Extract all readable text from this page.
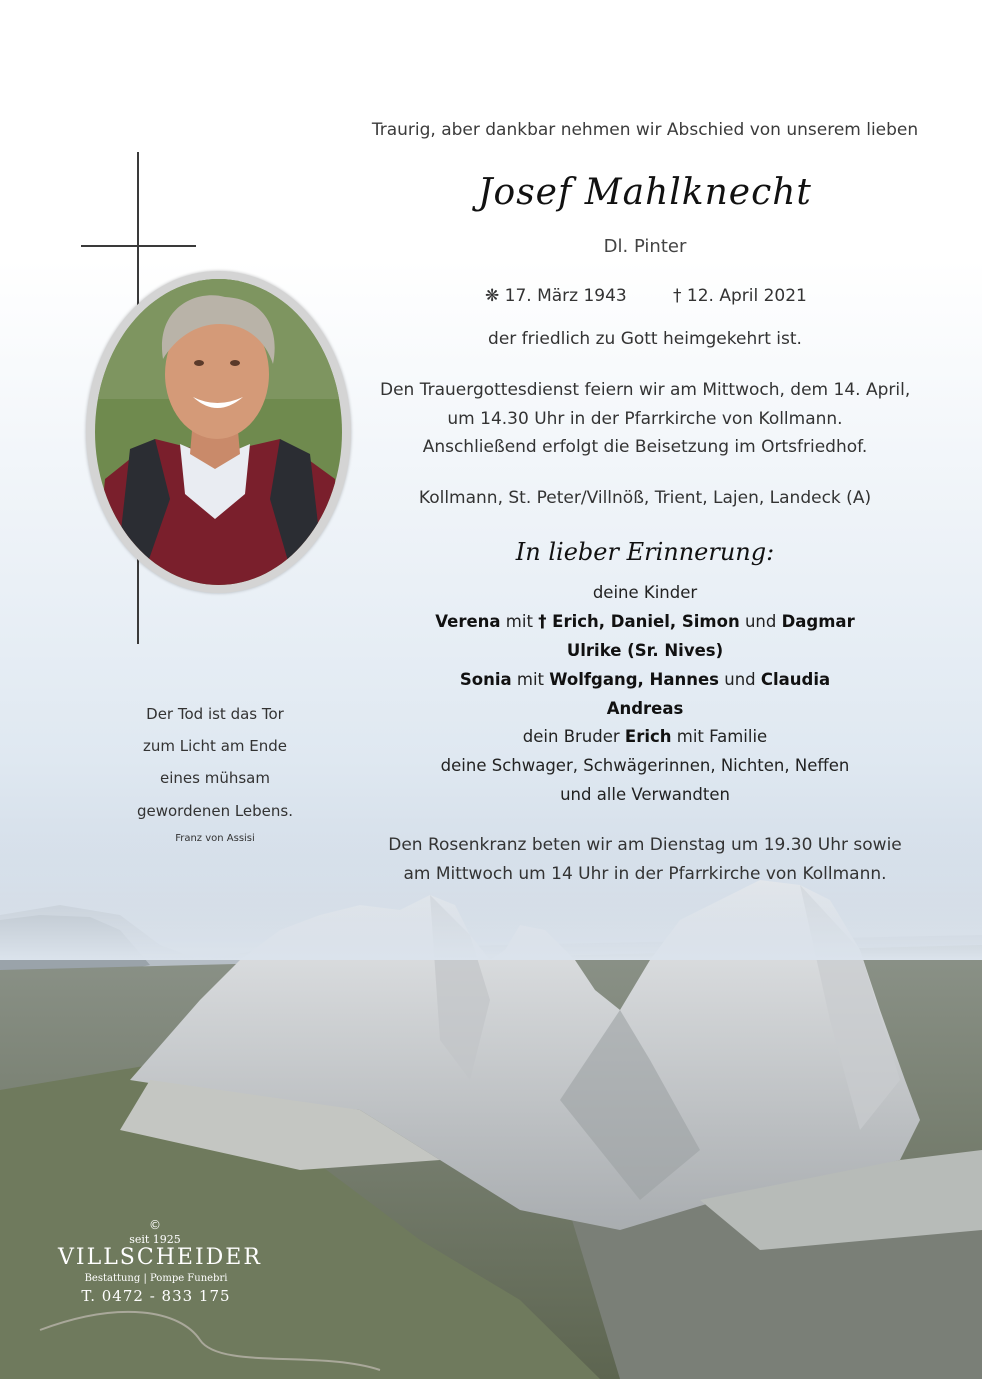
Traurig, aber dankbar nehmen wir Abschied von unserem lieben
Josef Mahlknecht
Dl. Pinter
❋ 17. März 1943	† 12. April 2021
der friedlich zu Gott heimgekehrt ist.
Den Trauergottesdienst feiern wir am Mittwoch, dem 14. April,
um 14.30 Uhr in der Pfarrkirche von Kollmann.
Anschließend erfolgt die Beisetzung im Ortsfriedhof.
Kollmann, St. Peter/Villnöß, Trient, Lajen, Landeck (A)
In lieber Erinnerung:
deine Kinder
Verena mit † Erich, Daniel, Simon und Dagmar
Ulrike (Sr. Nives)
Sonia mit Wolfgang, Hannes und Claudia
Andreas
dein Bruder Erich mit Familie
deine Schwager, Schwägerinnen, Nichten, Neffen
und alle Verwandten
Den Rosenkranz beten wir am Dienstag um 19.30 Uhr sowie
am Mittwoch um 14 Uhr in der Pfarrkirche von Kollmann.
Der Tod ist das Tor
zum Licht am Ende
eines mühsam
gewordenen Lebens.
Franz von Assisi
©
seit 1925
VILLSCHEIDER
Bestattung | Pompe Funebri
T. 0472 - 833 175
